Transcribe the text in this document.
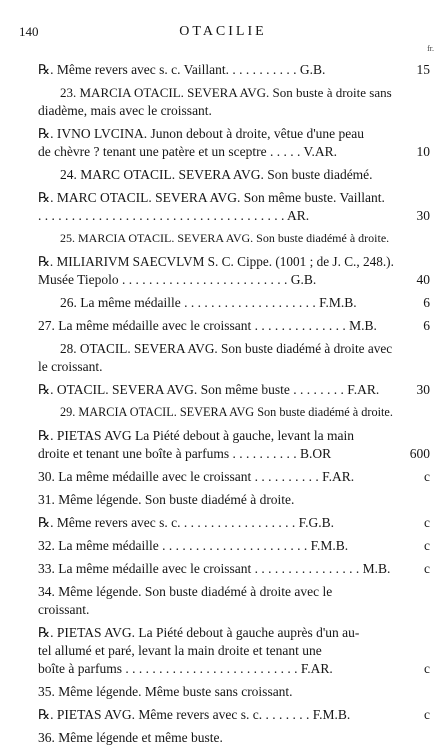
140	OTACILIE
fr.
℞. Même revers avec s. c. Vaillant. . . . . . . . . . . G.B.	15
23. MARCIA OTACIL. SEVERA AVG. Son buste à droite sans
diadème, mais avec le croissant.
℞. IVNO LVCINA. Junon debout à droite, vêtue d'une peau
de chèvre ? tenant une patère et un sceptre . . . . . V.AR.	10
24. MARC OTACIL. SEVERA AVG. Son buste diadémé.
℞. MARC OTACIL. SEVERA AVG. Son même buste. Vaillant.
. . . . . . . . . . . . . . . . . . . . . . . . . . . . . . . . . . . . . AR.	30
25. MARCIA OTACIL. SEVERA AVG. Son buste diadémé à droite.
℞. MILIARIVM SAECVLVM S. C. Cippe. (1001 ; de J. C., 248.).
Musée Tiepolo . . . . . . . . . . . . . . . . . . . . . . . . . G.B.	40
26. La même médaille . . . . . . . . . . . . . . . . . . . . F.M.B.	6
27. La même médaille avec le croissant . . . . . . . . . . . . . . M.B.	6
28. OTACIL. SEVERA AVG. Son buste diadémé à droite avec
le croissant.
℞. OTACIL. SEVERA AVG. Son même buste . . . . . . . . F.AR.	30
29. MARCIA OTACIL. SEVERA AVG Son buste diadémé à droite.
℞. PIETAS AVG La Piété debout à gauche, levant la main
droite et tenant une boîte à parfums . . . . . . . . . . B.OR	600
30. La même médaille avec le croissant . . . . . . . . . . F.AR.	c
31. Même légende. Son buste diadémé à droite.
℞. Même revers avec s. c. . . . . . . . . . . . . . . . . . F.G.B.	c
32. La même médaille . . . . . . . . . . . . . . . . . . . . . . F.M.B.	c
33. La même médaille avec le croissant . . . . . . . . . . . . . . . . M.B.	c
34. Même légende. Son buste diadémé à droite avec le
croissant.
℞. PIETAS AVG. La Piété debout à gauche auprès d'un au-
tel allumé et paré, levant la main droite et tenant une
boîte à parfums . . . . . . . . . . . . . . . . . . . . . . . . . . F.AR.	c
35. Même légende. Même buste sans croissant.
℞. PIETAS AVG. Même revers avec s. c. . . . . . . . F.M.B.	c
36. Même légende et même buste.
